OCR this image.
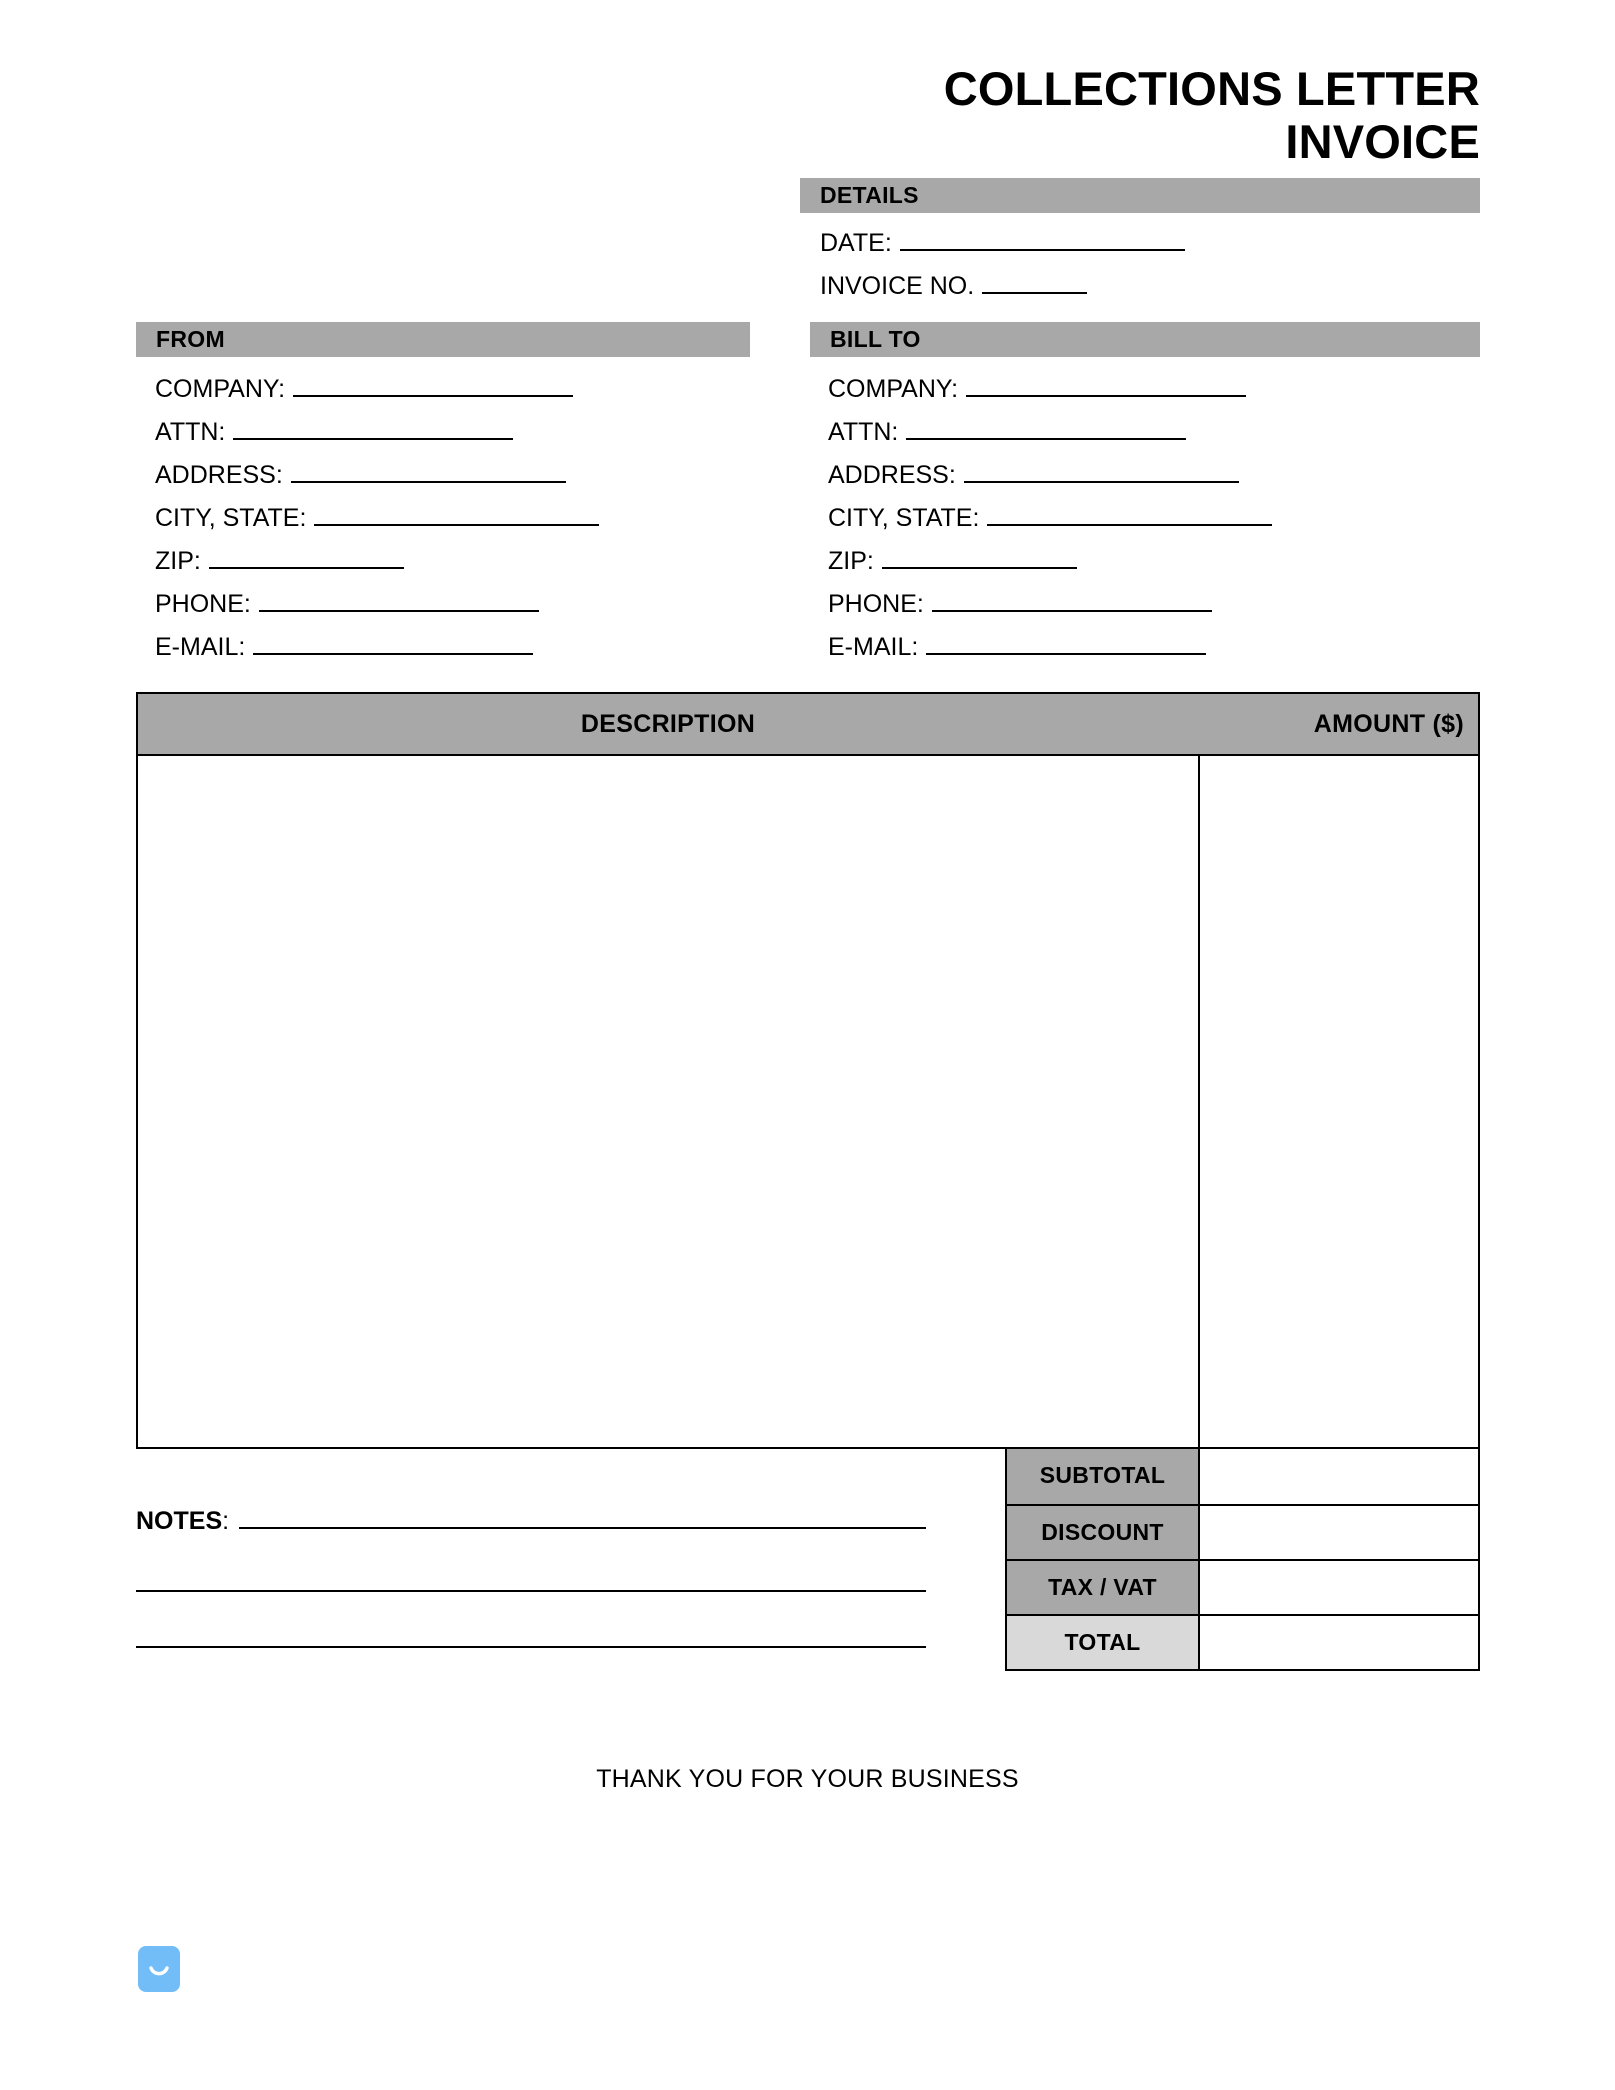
COLLECTIONS LETTER
INVOICE
DETAILS
DATE:
INVOICE NO.
FROM
COMPANY:
ATTN:
ADDRESS:
CITY, STATE:
ZIP:
PHONE:
E-MAIL:
BILL TO
COMPANY:
ATTN:
ADDRESS:
CITY, STATE:
ZIP:
PHONE:
E-MAIL:
DESCRIPTION	AMOUNT ($)
SUBTOTAL
DISCOUNT
TAX / VAT
TOTAL
NOTES :
THANK YOU FOR YOUR BUSINESS
